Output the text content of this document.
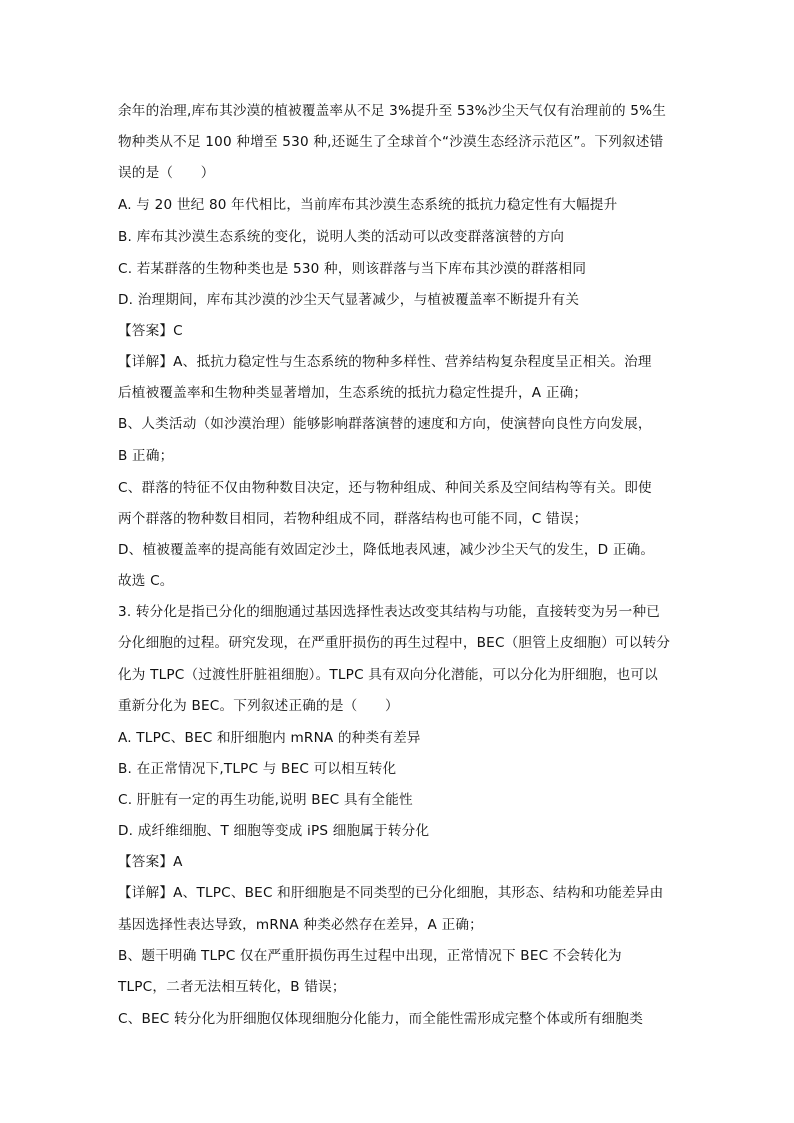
余年的治理,库布其沙漠的植被覆盖率从不足 3%提升至 53%沙尘天气仅有治理前的 5%生
物种类从不足 100 种增至 530 种,还诞生了全球首个“沙漠生态经济示范区”。下列叙述错
误的是（　　）
A. 与 20 世纪 80 年代相比，当前库布其沙漠生态系统的抵抗力稳定性有大幅提升
B. 库布其沙漠生态系统的变化，说明人类的活动可以改变群落演替的方向
C. 若某群落的生物种类也是 530 种，则该群落与当下库布其沙漠的群落相同
D. 治理期间，库布其沙漠的沙尘天气显著减少，与植被覆盖率不断提升有关
【答案】C
【详解】A、抵抗力稳定性与生态系统的物种多样性、营养结构复杂程度呈正相关。治理
后植被覆盖率和生物种类显著增加，生态系统的抵抗力稳定性提升，A 正确；
B、人类活动（如沙漠治理）能够影响群落演替的速度和方向，使演替向良性方向发展，
B 正确；
C、群落的特征不仅由物种数目决定，还与物种组成、种间关系及空间结构等有关。即使
两个群落的物种数目相同，若物种组成不同，群落结构也可能不同，C 错误；
D、植被覆盖率的提高能有效固定沙土，降低地表风速，减少沙尘天气的发生，D 正确。
故选 C。
3. 转分化是指已分化的细胞通过基因选择性表达改变其结构与功能，直接转变为另一种已
分化细胞的过程。研究发现，在严重肝损伤的再生过程中，BEC（胆管上皮细胞）可以转分
化为 TLPC（过渡性肝脏祖细胞）。TLPC 具有双向分化潜能，可以分化为肝细胞，也可以
重新分化为 BEC。下列叙述正确的是（　　）
A. TLPC、BEC 和肝细胞内 mRNA 的种类有差异
B. 在正常情况下,TLPC 与 BEC 可以相互转化
C. 肝脏有一定的再生功能,说明 BEC 具有全能性
D. 成纤维细胞、T 细胞等变成 iPS 细胞属于转分化
【答案】A
【详解】A、TLPC、BEC 和肝细胞是不同类型的已分化细胞，其形态、结构和功能差异由
基因选择性表达导致，mRNA 种类必然存在差异，A 正确；
B、题干明确 TLPC 仅在严重肝损伤再生过程中出现，正常情况下 BEC 不会转化为
TLPC，二者无法相互转化，B 错误；
C、BEC 转分化为肝细胞仅体现细胞分化能力，而全能性需形成完整个体或所有细胞类
